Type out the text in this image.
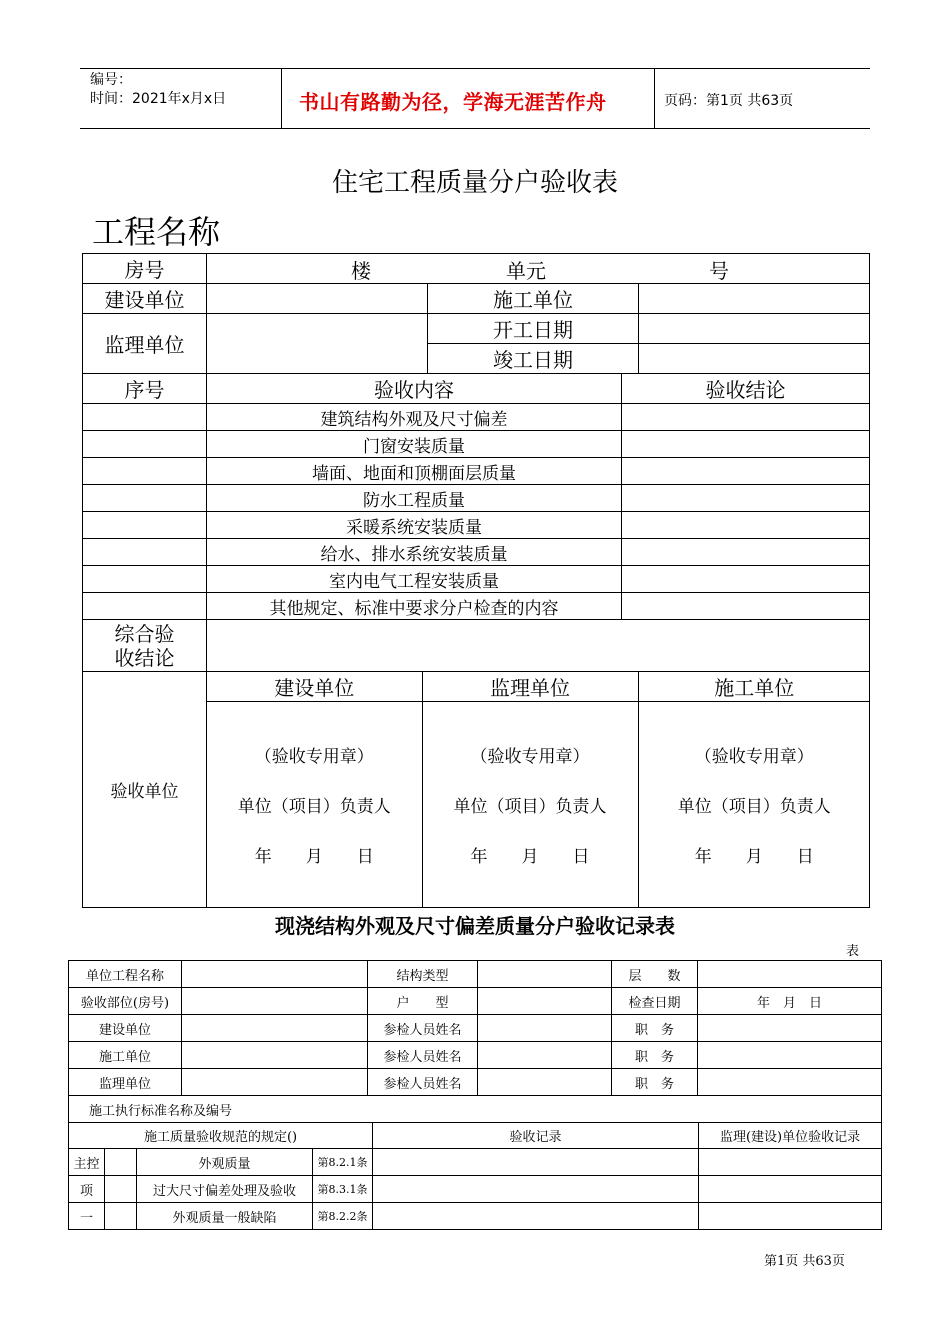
编号：
时间：2021年x月x日	书山有路勤为径，学海无涯苦作舟	页码：第1页 共63页
住宅工程质量分户验收表
工程名称
房号	楼	单元	号

建设单位		施工单位	
监理单位		开工日期	
竣工日期	
序号	验收内容	验收结论
	建筑结构外观及尺寸偏差	
	门窗安装质量	
	墙面、地面和顶棚面层质量	
	防水工程质量	
	采暖系统安装质量	
	给水、排水系统安装质量	
	室内电气工程安装质量	
	其他规定、标准中要求分户检查的内容	

综合验
收结论

验收单位	
建设单位	监理单位	施工单位

（验收专用章）
单位（项目）负责人
年　　月　　日

（验收专用章）
单位（项目）负责人
年　　月　　日

（验收专用章）
单位（项目）负责人
年　　月　　日
现浇结构外观及尺寸偏差质量分户验收记录表
表
单位工程名称		结构类型		层　　数	
验收部位(房号)		户　　型		检查日期	年　月　日
建设单位		参检人员姓名		职　务	
施工单位		参检人员姓名		职　务	
监理单位		参检人员姓名		职　务	
施工执行标准名称及编号					
施工质量验收规范的规定()				验收记录	监理(建设)单位验收记录
主控		外观质量	第8.2.1条		
项		过大尺寸偏差处理及验收	第8.3.1条		
一		外观质量一般缺陷	第8.2.2条		
第1页 共63页
